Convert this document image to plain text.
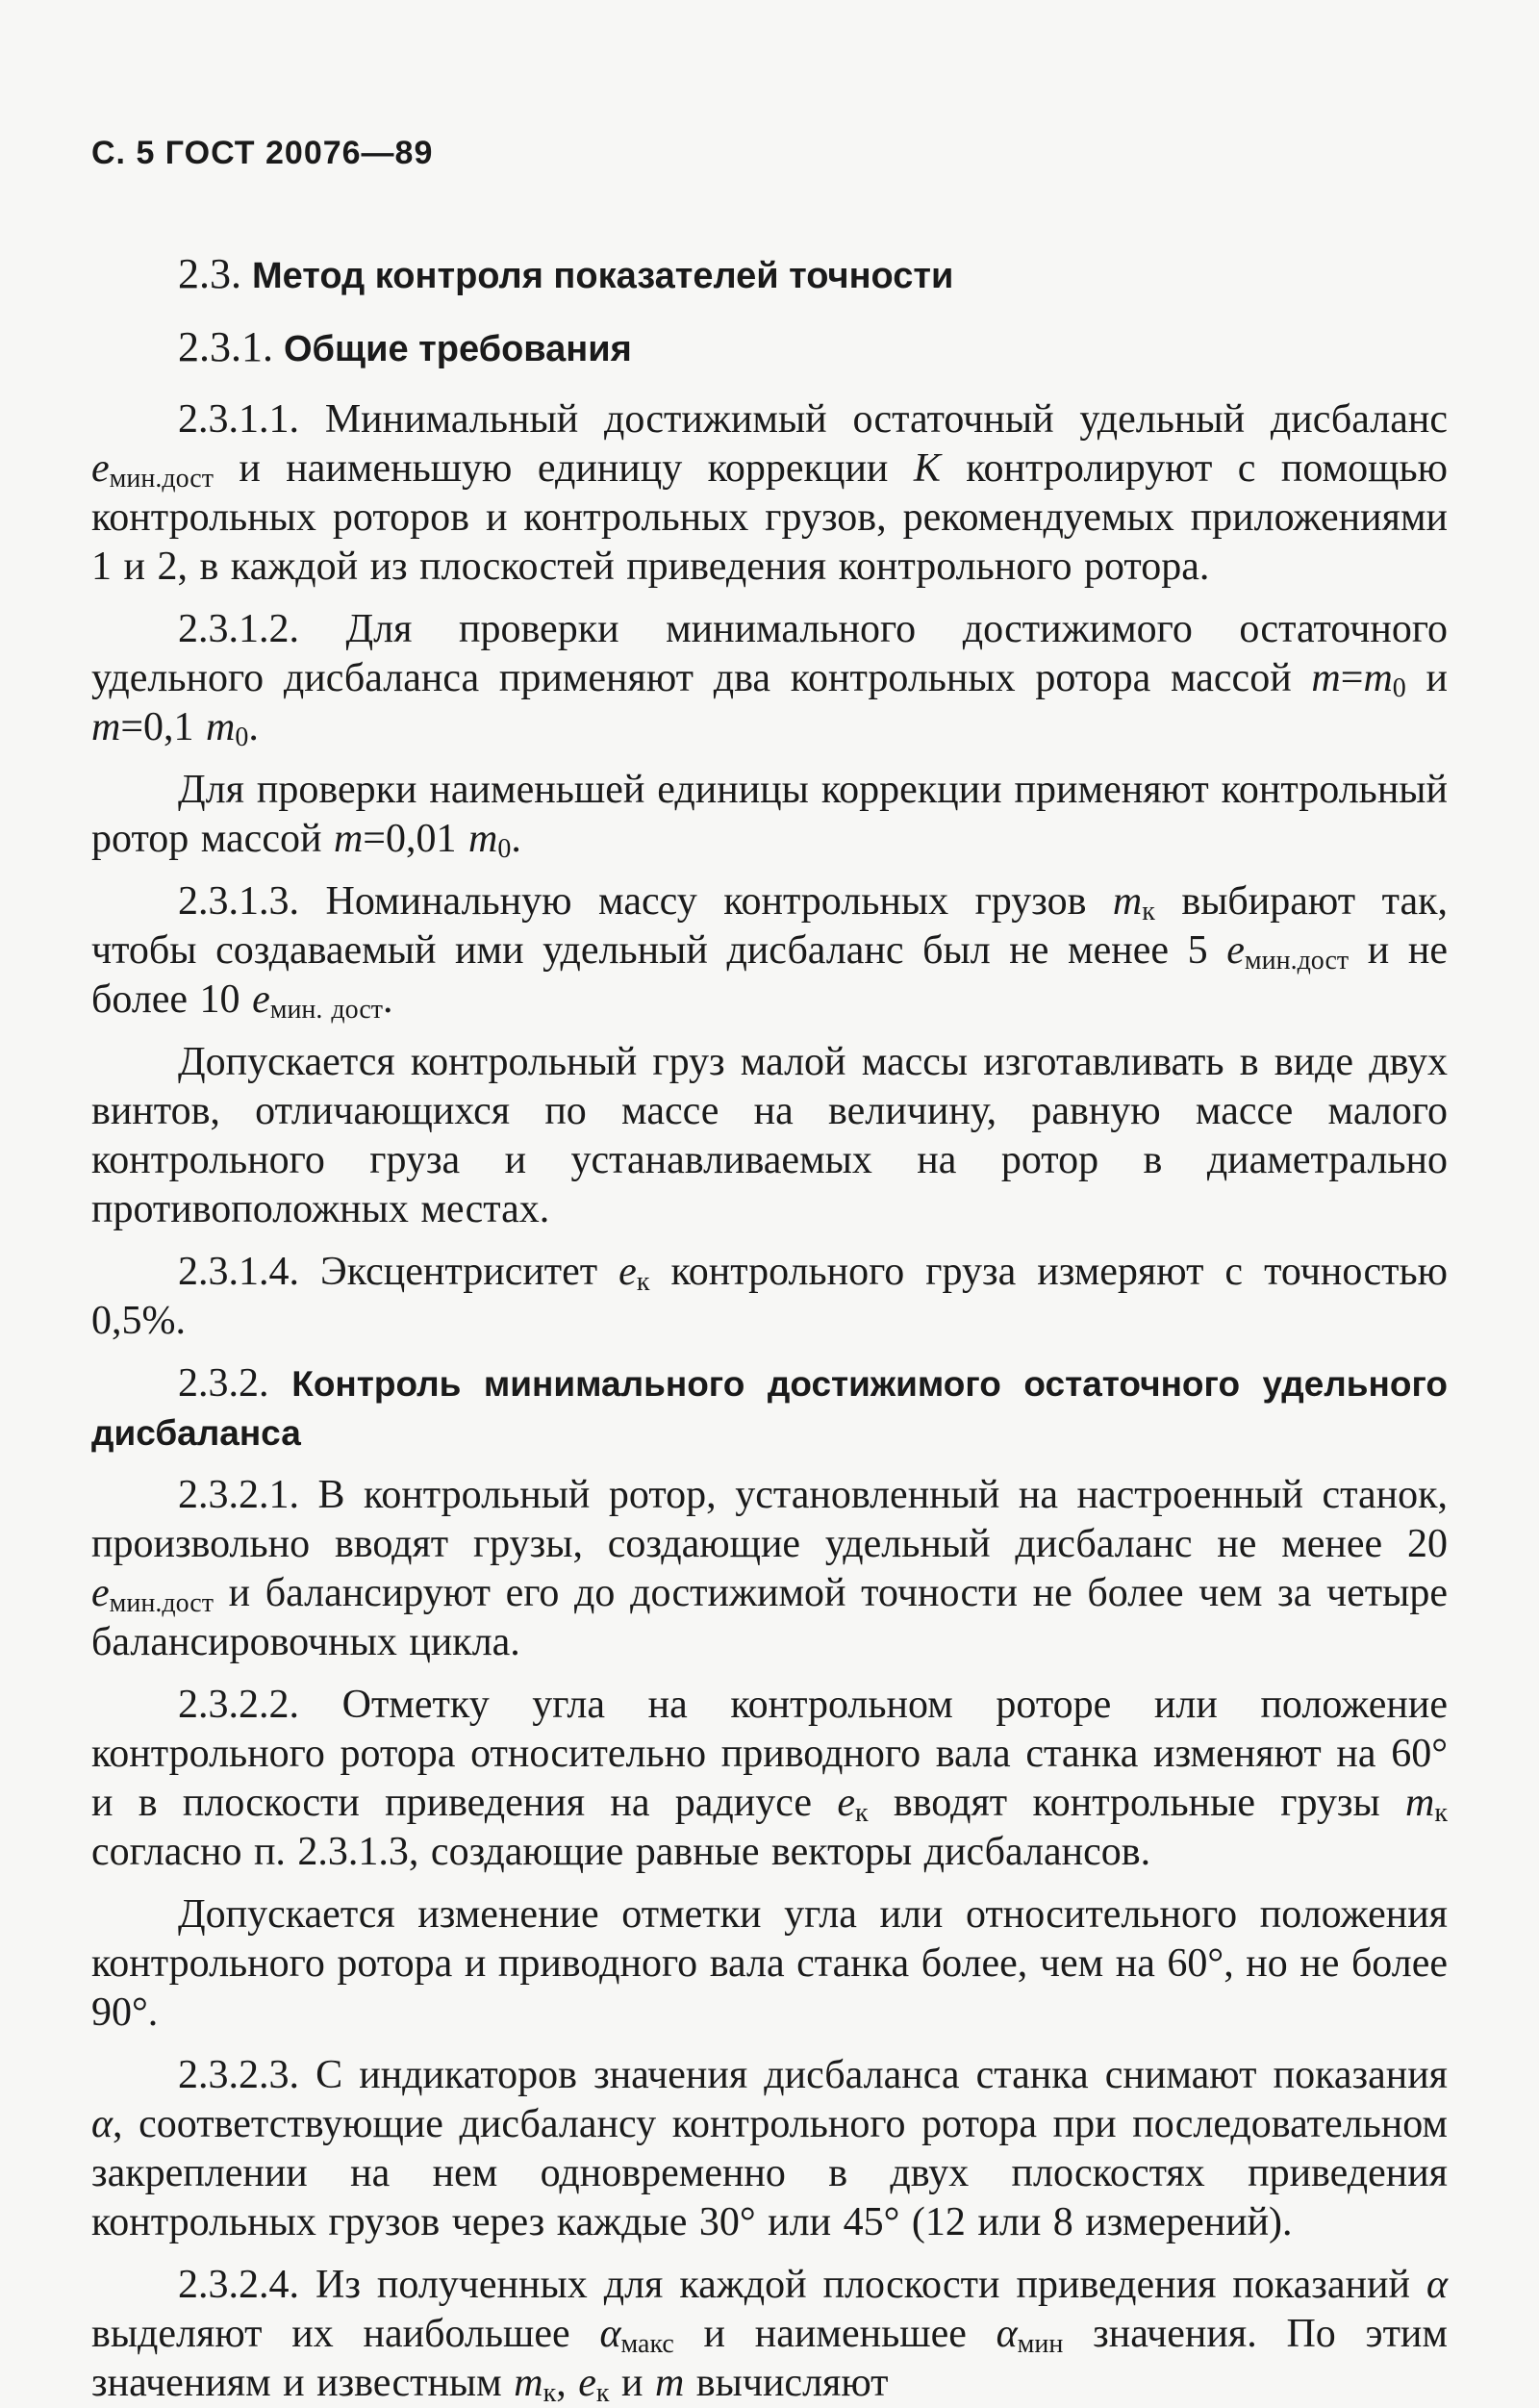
С. 5 ГОСТ 20076—89
2.3. Метод контроля показателей точности
2.3.1. Общие требования

2.3.1.1. Минимальный достижимый остаточный удельный дисбаланс $e_{мин.дост}$ и наименьшую единицу коррекции K контролируют с помощью контрольных роторов и контрольных грузов, рекомендуемых приложениями 1 и 2, в каждой из плоскостей приведения контрольного ротора.

2.3.1.2. Для проверки минимального достижимого остаточного удельного дисбаланса применяют два контрольных ротора массой $m=m_0$ и m=0,1 $m_0$.

Для проверки наименьшей единицы коррекции применяют контрольный ротор массой m=0,01 $m_0$.

2.3.1.3. Номинальную массу контрольных грузов $m_к$ выбирают так, чтобы создаваемый ими удельный дисбаланс был не менее 5 $e_{мин.дост}$ и не более 10 $e_{мин. дост}$.

Допускается контрольный груз малой массы изготавливать в виде двух винтов, отличающихся по массе на величину, равную массе малого контрольного груза и устанавливаемых на ротор в диаметрально противоположных местах.

2.3.1.4. Эксцентриситет $e_к$ контрольного груза измеряют с точностью 0,5%.

2.3.2. Контроль минимального достижимого остаточного удельного дисбаланса

2.3.2.1. В контрольный ротор, установленный на настроенный станок, произвольно вводят грузы, создающие удельный дисбаланс не менее 20 $e_{мин.дост}$ и балансируют его до достижимой точности не более чем за четыре балансировочных цикла.

2.3.2.2. Отметку угла на контрольном роторе или положение контрольного ротора относительно приводного вала станка изменяют на 60° и в плоскости приведения на радиусе $e_к$ вводят контрольные грузы $m_к$ согласно п. 2.3.1.3, создающие равные векторы дисбалансов.

Допускается изменение отметки угла или относительного положения контрольного ротора и приводного вала станка более, чем на 60°, но не более 90°.

2.3.2.3. С индикаторов значения дисбаланса станка снимают показания α, соответствующие дисбалансу контрольного ротора при последовательном закреплении на нем одновременно в двух плоскостях приведения контрольных грузов через каждые 30° или 45° (12 или 8 измерений).

2.3.2.4. Из полученных для каждой плоскости приведения показаний α выделяют их наибольшее $\alpha_{макс}$ и наименьшее $\alpha_{мин}$ значения. По этим значениям и известным $m_к$, $e_к$ и m вычисляют
